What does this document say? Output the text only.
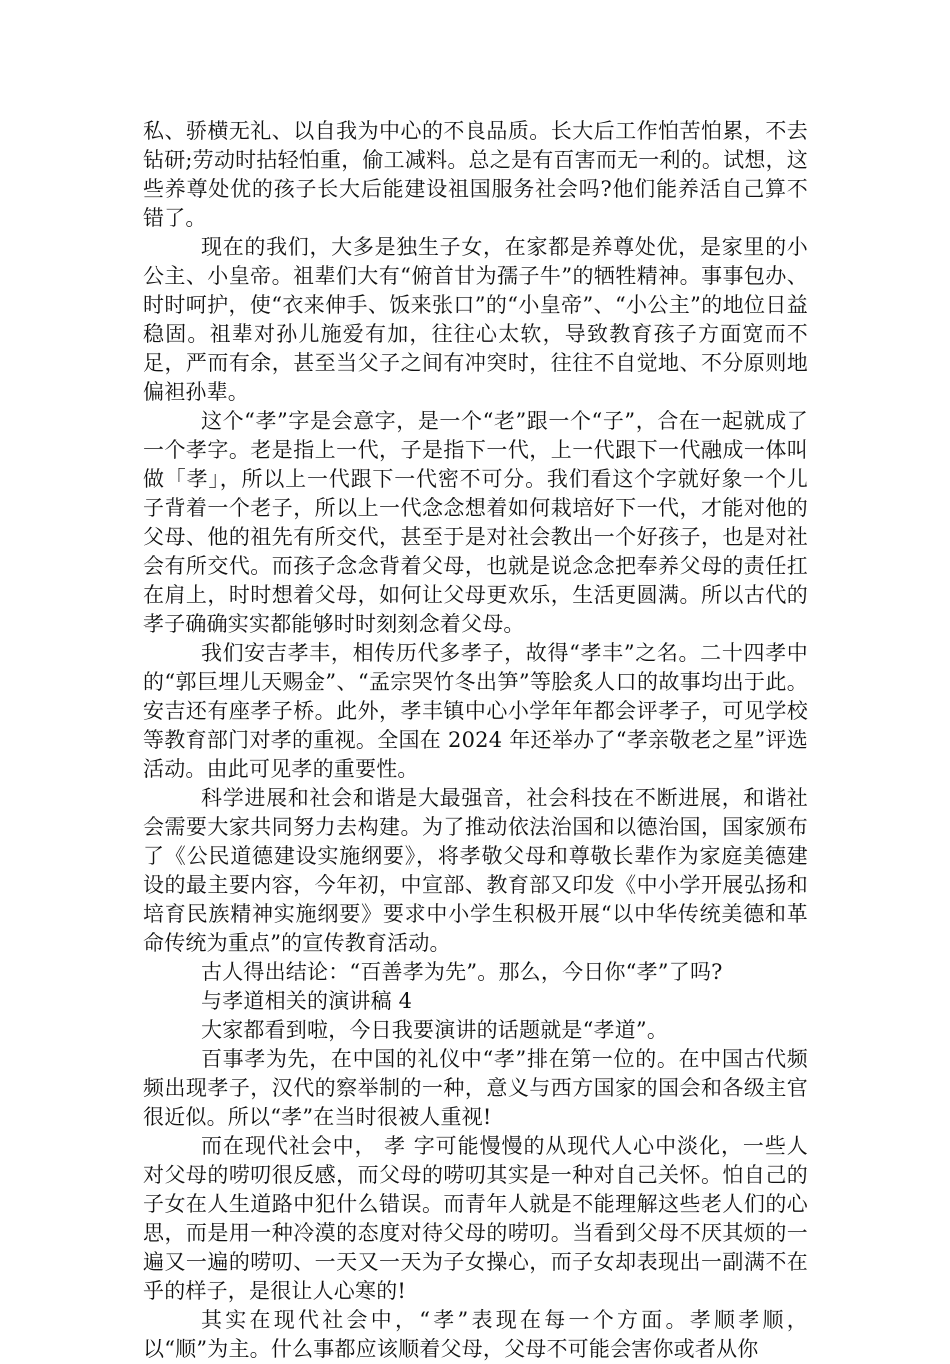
私、骄横无礼、以自我为中心的不良品质。长大后工作怕苦怕累，不去钻研;劳动时拈轻怕重，偷工减料。总之是有百害而无一利的。试想，这些养尊处优的孩子长大后能建设祖国服务社会吗?他们能养活自己算不错了。

现在的我们，大多是独生子女，在家都是养尊处优，是家里的小公主、小皇帝。祖辈们大有“俯首甘为孺子牛”的牺牲精神。事事包办、时时呵护，使“衣来伸手、饭来张口”的“小皇帝”、“小公主”的地位日益稳固。祖辈对孙儿施爱有加，往往心太软，导致教育孩子方面宽而不足，严而有余，甚至当父子之间有冲突时，往往不自觉地、不分原则地偏袒孙辈。

这个“孝”字是会意字，是一个“老”跟一个“子”，合在一起就成了一个孝字。老是指上一代，子是指下一代，上一代跟下一代融成一体叫做「孝」，所以上一代跟下一代密不可分。我们看这个字就好象一个儿子背着一个老子，所以上一代念念想着如何栽培好下一代，才能对他的父母、他的祖先有所交代，甚至于是对社会教出一个好孩子，也是对社会有所交代。而孩子念念背着父母，也就是说念念把奉养父母的责任扛在肩上，时时想着父母，如何让父母更欢乐，生活更圆满。所以古代的孝子确确实实都能够时时刻刻念着父母。

我们安吉孝丰，相传历代多孝子，故得“孝丰”之名。二十四孝中的“郭巨埋儿天赐金”、“孟宗哭竹冬出笋”等脍炙人口的故事均出于此。安吉还有座孝子桥。此外，孝丰镇中心小学年年都会评孝子，可见学校等教育部门对孝的重视。全国在 2024 年还举办了“孝亲敬老之星”评选活动。由此可见孝的重要性。

科学进展和社会和谐是大最强音，社会科技在不断进展，和谐社会需要大家共同努力去构建。为了推动依法治国和以德治国，国家颁布了《公民道德建设实施纲要》，将孝敬父母和尊敬长辈作为家庭美德建设的最主要内容，今年初，中宣部、教育部又印发《中小学开展弘扬和培育民族精神实施纲要》要求中小学生积极开展“以中华传统美德和革命传统为重点”的宣传教育活动。

古人得出结论：“百善孝为先”。那么，今日你“孝”了吗?

与孝道相关的演讲稿 4

大家都看到啦，今日我要演讲的话题就是“孝道”。

百事孝为先，在中国的礼仪中“孝”排在第一位的。在中国古代频频出现孝子，汉代的察举制的一种，意义与西方国家的国会和各级主官很近似。所以“孝”在当时很被人重视!

而在现代社会中， 孝 字可能慢慢的从现代人心中淡化，一些人对父母的唠叨很反感，而父母的唠叨其实是一种对自己关怀。怕自己的子女在人生道路中犯什么错误。而青年人就是不能理解这些老人们的心思，而是用一种冷漠的态度对待父母的唠叨。当看到父母不厌其烦的一遍又一遍的唠叨、一天又一天为子女操心，而子女却表现出一副满不在乎的样子，是很让人心寒的!

其实在现代社会中，“孝”表现在每一个方面。孝顺孝顺，以“顺”为主。什么事都应该顺着父母，父母不可能会害你或者从你
